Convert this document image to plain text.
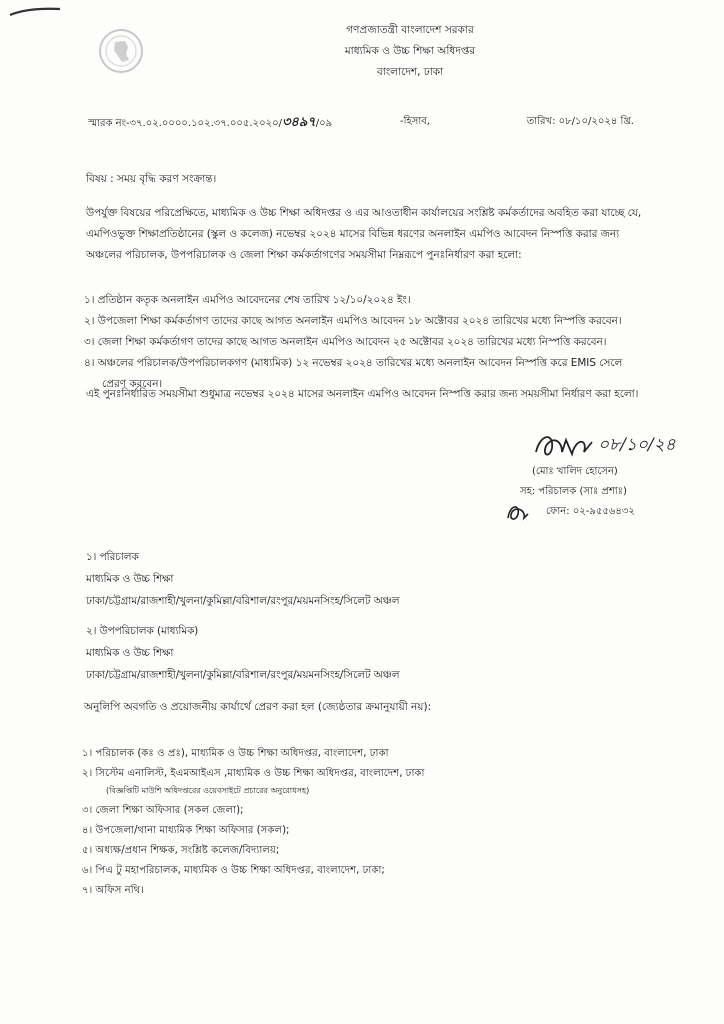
গণপ্রজাতন্ত্রী বাংলাদেশ সরকার
মাধ্যমিক ও উচ্চ শিক্ষা অধিদপ্তর
বাংলাদেশ, ঢাকা
স্মারক নং-৩৭.০২.০০০০.১০২.৩৭.০০৫.২০২০/৩৪৯৭/০৯	-হিসাব,	তারিখ: ০৮/১০/২০২৪ খ্রি.
বিষয় : সময় বৃদ্ধি করণ সংক্রান্ত।
উপর্যুক্ত বিষয়ের পরিপ্রেক্ষিতে, মাধ্যমিক ও উচ্চ শিক্ষা অধিদপ্তর ও এর আওতাধীন কার্যালয়ের সংশ্লিষ্ট কর্মকর্তাদের অবহিত করা যাচ্ছে যে, এমপিওভুক্ত শিক্ষাপ্রতিষ্ঠানের (স্কুল ও কলেজ) নভেম্বর ২০২৪ মাসের বিভিন্ন ধরণের অনলাইন এমপিও আবেদন নিস্পত্তি করার জন্য অঞ্চলের পরিচালক, উপপরিচালক ও জেলা শিক্ষা কর্মকর্তাগণের সময়সীমা নিম্নরূপে পুনঃনির্ধারণ করা হলো:
১। প্রতিষ্ঠান কতৃক অনলাইন এমপিও আবেদনের শেষ তারিখ ১২/১০/২০২৪ ইং।
২। উপজেলা শিক্ষা কর্মকর্তাগণ তাদের কাছে আগত অনলাইন এমপিও আবেদন ১৮ অক্টোবর ২০২৪ তারিখের মধ্যে নিস্পত্তি করবেন।
৩। জেলা শিক্ষা কর্মকর্তাগণ তাদের কাছে আগত অনলাইন এমপিও আবেদন ২৫ অক্টোবর ২০২৪ তারিখের মধ্যে নিস্পত্তি করবেন।
৪। অঞ্চলের পরিচালক/উপপরিচালকগণ (মাধ্যমিক) ১২ নভেম্বর ২০২৪ তারিখের মধ্যে অনলাইন আবেদন নিস্পত্তি করে EMIS সেলে
প্রেরণ করবেন।
এই পুনঃনির্ধারিত সময়সীমা শুধুমাত্র নভেম্বর ২০২৪ মাসের অনলাইন এমপিও আবেদন নিস্পত্তি করার জন্য সময়সীমা নির্ধারণ করা হলো।
০৮/১০/২৪
(মোঃ খালিদ হোসেন)
সহ: পরিচালক (সাঃ প্রশাঃ)
ফোন: ০২-৯৫৫৬৪৩২
১। পরিচালক
মাধ্যমিক ও উচ্চ শিক্ষা
ঢাকা/চট্টগ্রাম/রাজশাহী/খুলনা/কুমিল্লা/বরিশাল/রংপুর/ময়মনসিংহ/সিলেট অঞ্চল
২। উপপরিচালক (মাধ্যমিক)
মাধ্যমিক ও উচ্চ শিক্ষা
ঢাকা/চট্টগ্রাম/রাজশাহী/খুলনা/কুমিল্লা/বরিশাল/রংপুর/ময়মনসিংহ/সিলেট অঞ্চল
অনুলিপি অবগতি ও প্রয়োজনীয় কার্যার্থে প্রেরণ করা হল (জ্যেষ্ঠতার ক্রমানুযায়ী নয়):
১। পরিচালক (কঃ ও প্রঃ), মাধ্যমিক ও উচ্চ শিক্ষা অধিদপ্তর, বাংলাদেশ, ঢাকা
২। সিস্টেম এনালিস্ট, ইএমআইএস ,মাধ্যমিক ও উচ্চ শিক্ষা অধিদপ্তর, বাংলাদেশ, ঢাকা
(বিজ্ঞপ্তিটি মাউশি অধিদপ্তরের ওয়েবসাইটে প্রচারের অনুরোধসহ)
৩। জেলা শিক্ষা অফিসার (সকল জেলা);
৪। উপজেলা/থানা মাধ্যমিক শিক্ষা অফিসার (সকল);
৫। অধ্যক্ষ/প্রধান শিক্ষক, সংশ্লিষ্ট কলেজ/বিদ্যালয়;
৬। পিএ টু মহাপরিচালক, মাধ্যমিক ও উচ্চ শিক্ষা অধিদপ্তর, বাংলাদেশ, ঢাকা;
৭। অফিস নথি।
